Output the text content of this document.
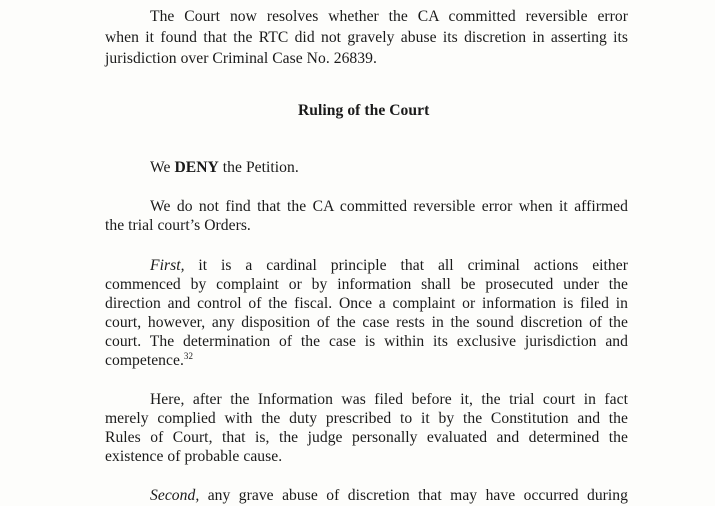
The Court now resolves whether the CA committed reversible error
when it found that the RTC did not gravely abuse its discretion in asserting its
jurisdiction over Criminal Case No. 26839.
Ruling of the Court
We DENY the Petition.
We do not find that the CA committed reversible error when it affirmed
the trial court’s Orders.
First, it is a cardinal principle that all criminal actions either
commenced by complaint or by information shall be prosecuted under the
direction and control of the fiscal. Once a complaint or information is filed in
court, however, any disposition of the case rests in the sound discretion of the
court. The determination of the case is within its exclusive jurisdiction and
competence.$^{32}$
Here, after the Information was filed before it, the trial court in fact
merely complied with the duty prescribed to it by the Constitution and the
Rules of Court, that is, the judge personally evaluated and determined the
existence of probable cause.
Second, any grave abuse of discretion that may have occurred during
